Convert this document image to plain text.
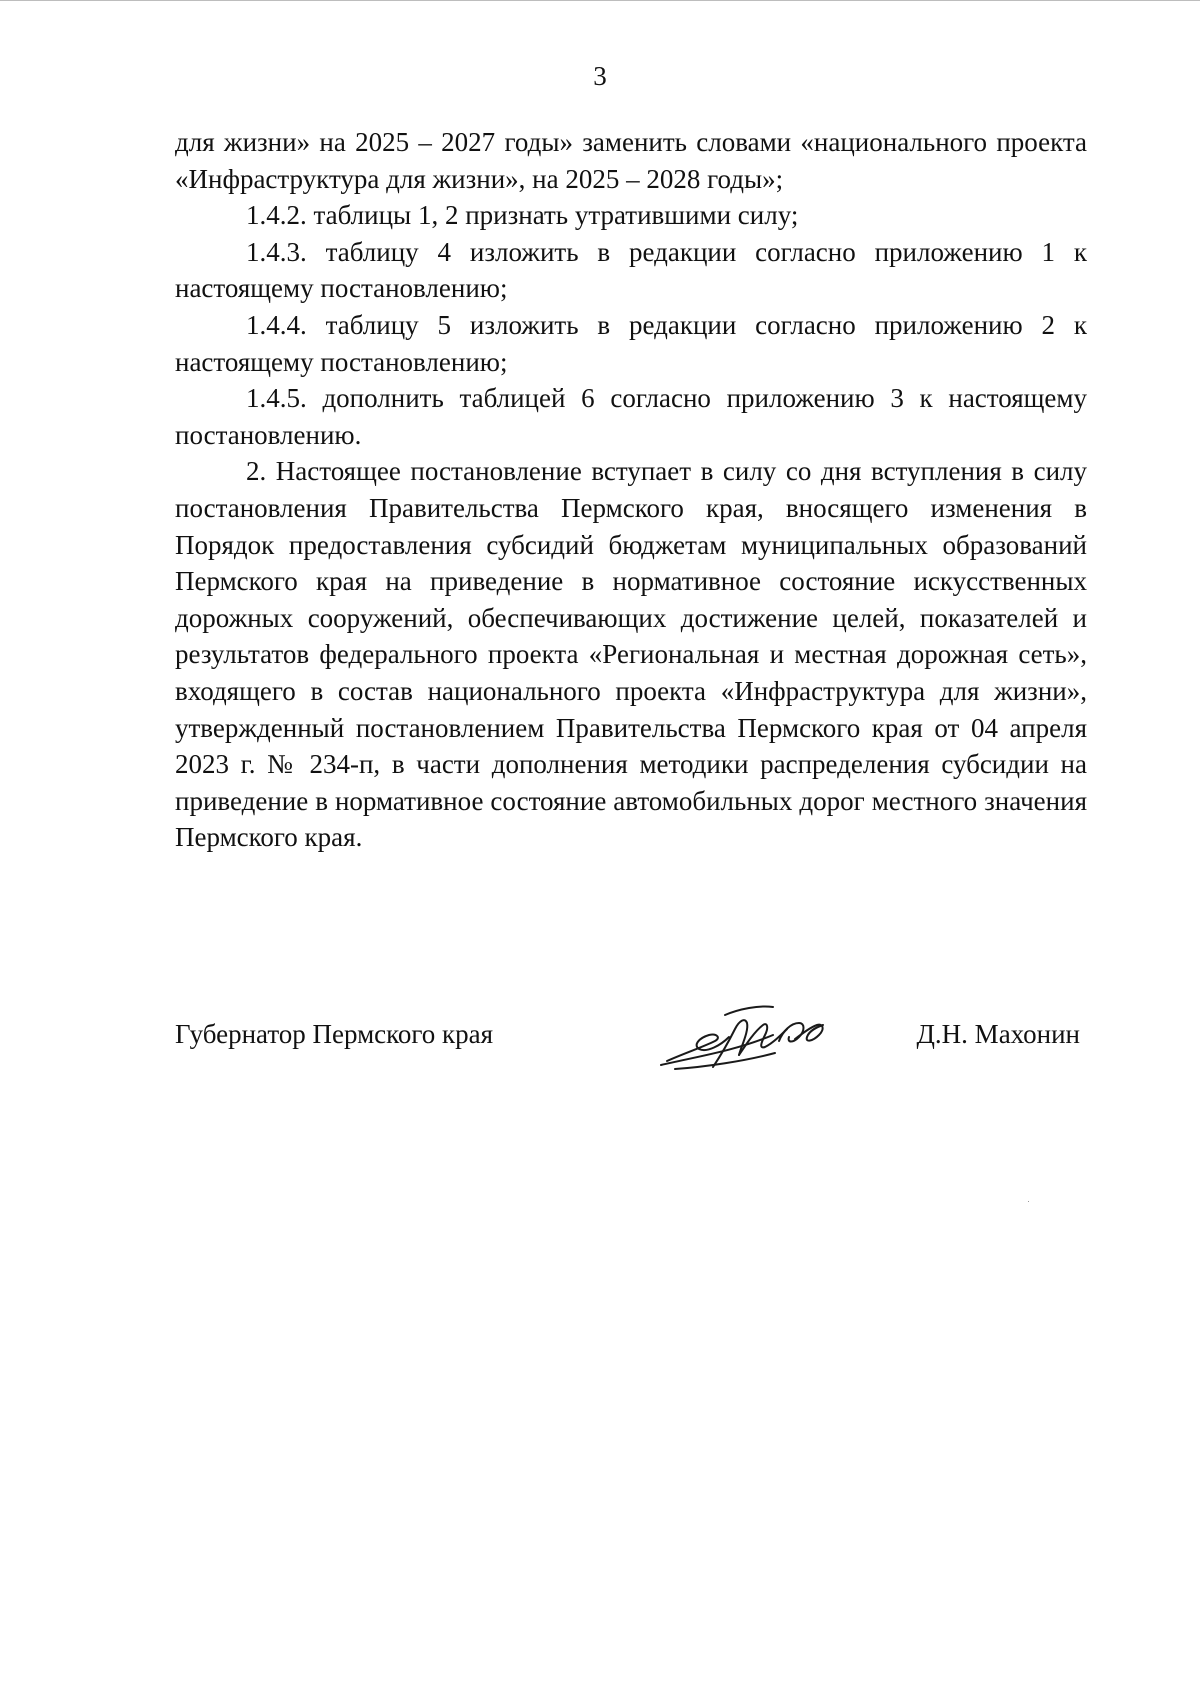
3

для жизни» на 2025 – 2027 годы» заменить словами «национального проекта «Инфраструктура для жизни», на 2025 – 2028 годы»;

1.4.2. таблицы 1, 2 признать утратившими силу;

1.4.3. таблицу 4 изложить в редакции согласно приложению 1 к настоящему постановлению;

1.4.4. таблицу 5 изложить в редакции согласно приложению 2 к настоящему постановлению;

1.4.5. дополнить таблицей 6 согласно приложению 3 к настоящему постановлению.

2. Настоящее постановление вступает в силу со дня вступления в силу постановления Правительства Пермского края, вносящего изменения в Порядок предоставления субсидий бюджетам муниципальных образований Пермского края на приведение в нормативное состояние искусственных дорожных сооружений, обеспечивающих достижение целей, показателей и результатов федерального проекта «Региональная и местная дорожная сеть», входящего в состав национального проекта «Инфраструктура для жизни», утвержденный постановлением Правительства Пермского края от 04 апреля 2023 г. № 234-п, в части дополнения методики распределения субсидии на приведение в нормативное состояние автомобильных дорог местного значения Пермского края.

Губернатор Пермского края	Д.Н. Махонин
